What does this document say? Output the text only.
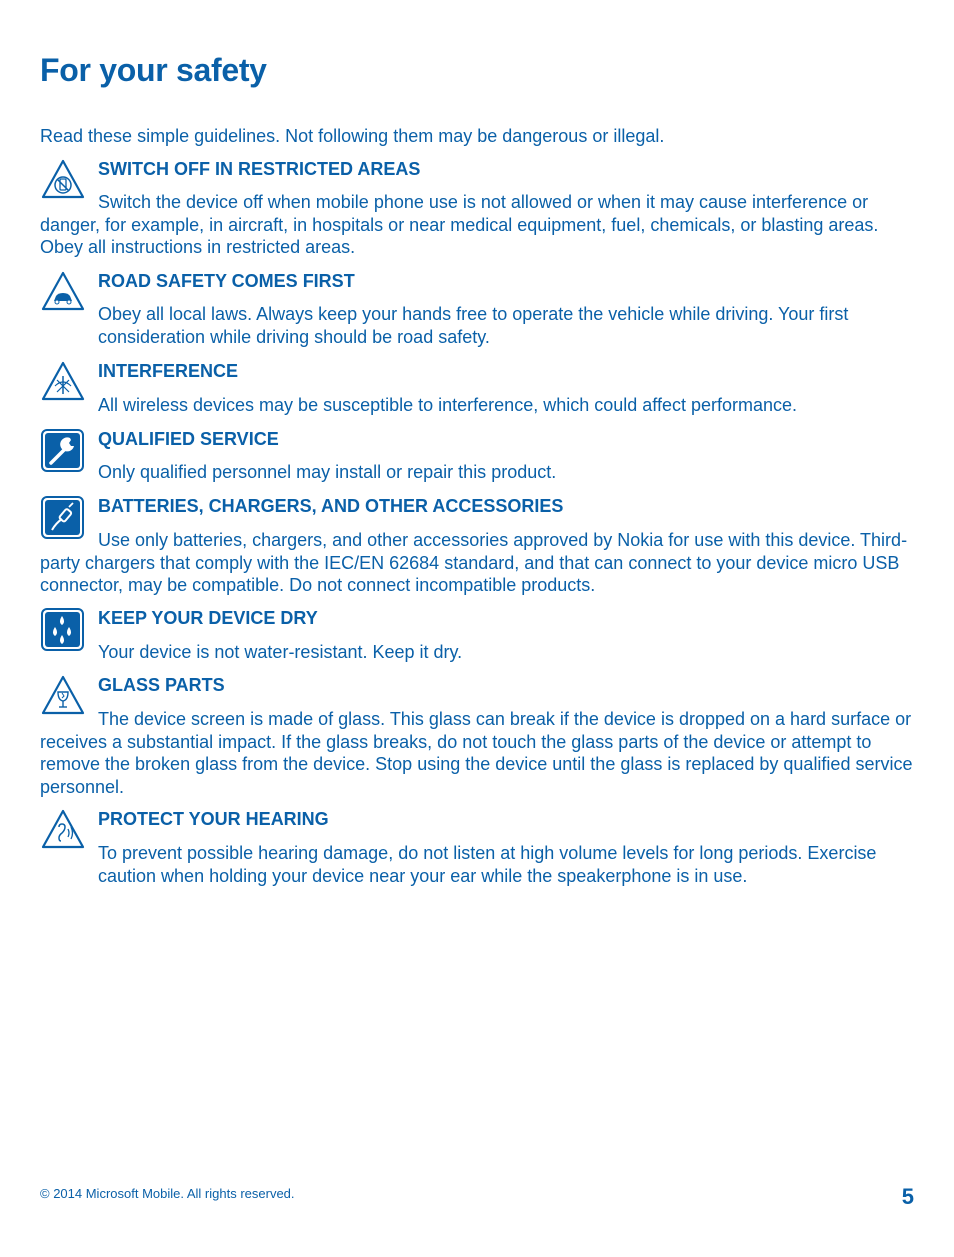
For your safety

Read these simple guidelines. Not following them may be dangerous or illegal.

SWITCH OFF IN RESTRICTED AREAS

Switch the device off when mobile phone use is not allowed or when it may cause interference or danger, for example, in aircraft, in hospitals or near medical equipment, fuel, chemicals, or blasting areas. Obey all instructions in restricted areas.

ROAD SAFETY COMES FIRST

Obey all local laws. Always keep your hands free to operate the vehicle while driving. Your first consideration while driving should be road safety.

INTERFERENCE

All wireless devices may be susceptible to interference, which could affect performance.

QUALIFIED SERVICE

Only qualified personnel may install or repair this product.

BATTERIES, CHARGERS, AND OTHER ACCESSORIES

Use only batteries, chargers, and other accessories approved by Nokia for use with this device. Third-party chargers that comply with the IEC/EN 62684 standard, and that can connect to your device micro USB connector, may be compatible. Do not connect incompatible products.

KEEP YOUR DEVICE DRY

Your device is not water-resistant. Keep it dry.

GLASS PARTS

The device screen is made of glass. This glass can break if the device is dropped on a hard surface or receives a substantial impact. If the glass breaks, do not touch the glass parts of the device or attempt to remove the broken glass from the device. Stop using the device until the glass is replaced by qualified service personnel.

PROTECT YOUR HEARING

To prevent possible hearing damage, do not listen at high volume levels for long periods. Exercise caution when holding your device near your ear while the speakerphone is in use.

© 2014 Microsoft Mobile. All rights reserved.	5
